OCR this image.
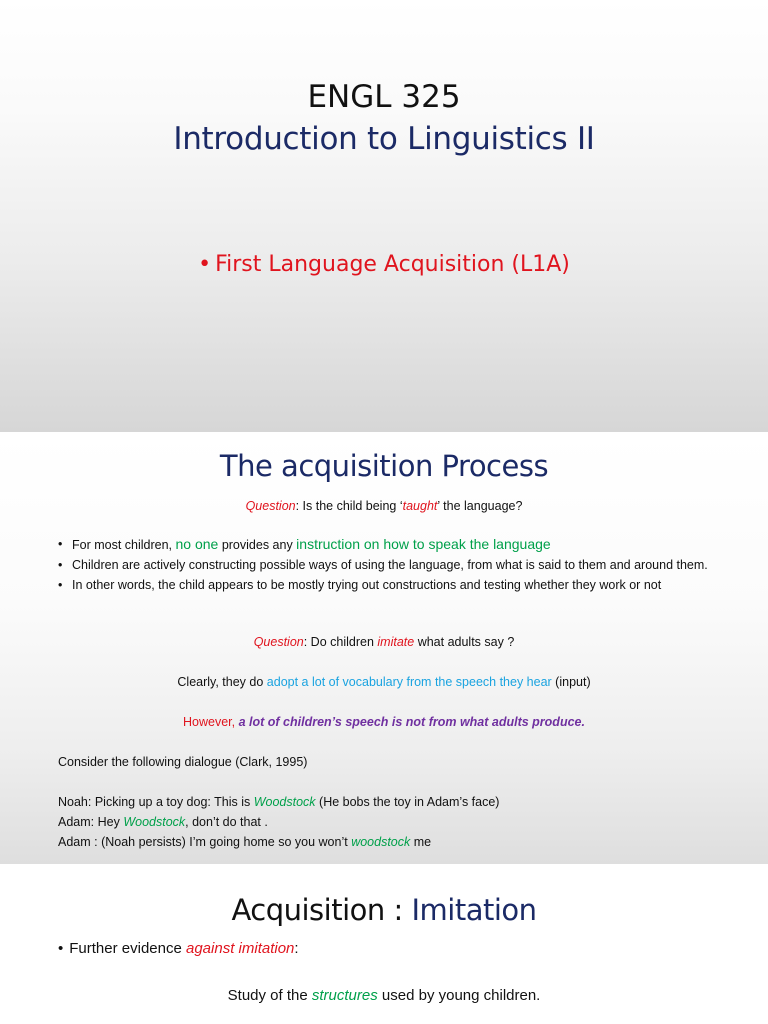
ENGL 325
Introduction to Linguistics II
• First Language Acquisition (L1A)
The acquisition Process
Question: Is the child being ‘taught’ the language?
• For most children, no one provides any instruction on how to speak the language
• Children are actively constructing possible ways of using the language, from what is said to them and around them.
• In other words, the child appears to be mostly trying out constructions and testing whether they work or not
Question: Do children imitate what adults say ?
Clearly, they do adopt a lot of vocabulary from the speech they hear (input)
However, a lot of children’s speech is not from what adults produce.
Consider the following dialogue (Clark, 1995)
Noah: Picking up a toy dog: This is Woodstock (He bobs the toy in Adam’s face)
Adam: Hey Woodstock, don’t do that .
Adam : (Noah persists) I’m going home so you won’t woodstock me
Acquisition : Imitation
• Further evidence against imitation:
Study of the structures used by young children.
